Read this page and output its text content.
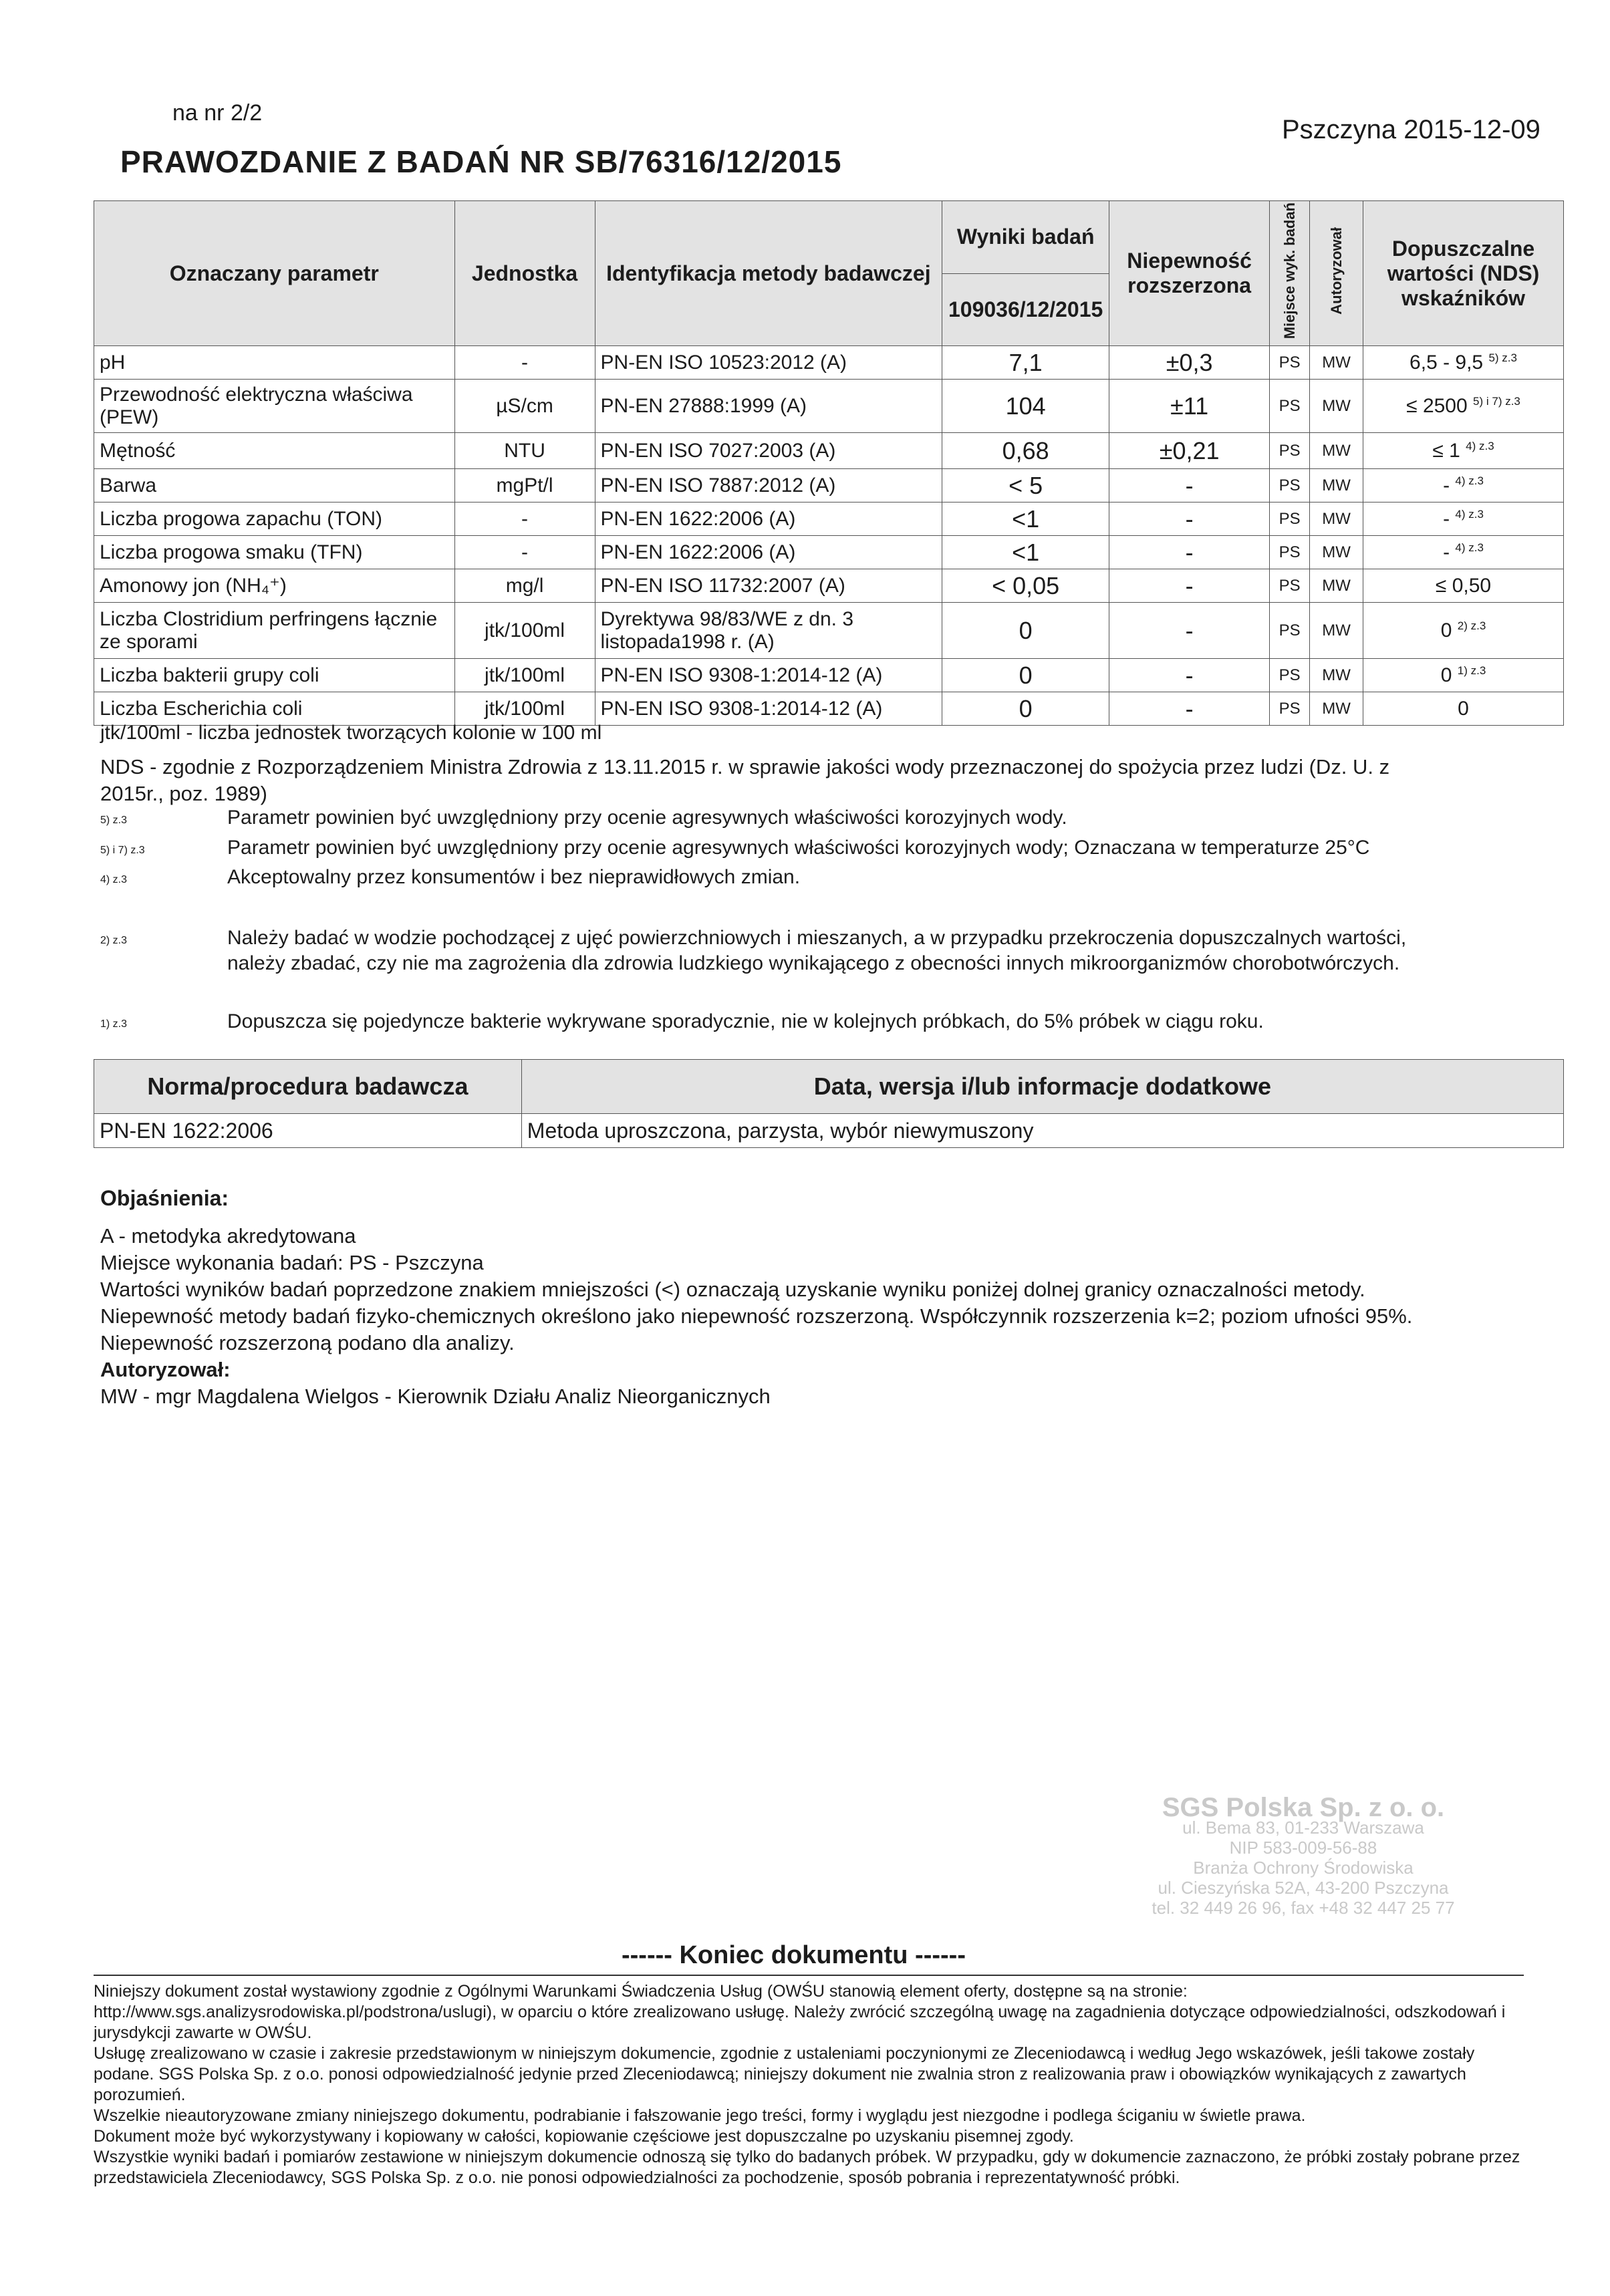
na nr 2/2
Pszczyna 2015-12-09
PRAWOZDANIE Z BADAŃ NR SB/76316/12/2015
Oznaczany parametr	Jednostka	Identyfikacja metody badawczej	Wyniki badań	Niepewność rozszerzona	Miejsce wyk. badań	Autoryzował	Dopuszczalne wartości (NDS) wskaźników
			109036/12/2015				
pH	-	PN-EN ISO 10523:2012 (A)	7,1	±0,3	PS	MW	6,5 - 9,5 $^{5) z.3}$
Przewodność elektryczna właściwa (PEW)	µS/cm	PN-EN 27888:1999 (A)	104	±11	PS	MW	≤ 2500 $^{5) i 7) z.3}$
Mętność	NTU	PN-EN ISO 7027:2003 (A)	0,68	±0,21	PS	MW	≤ 1 $^{4) z.3}$
Barwa	mgPt/l	PN-EN ISO 7887:2012 (A)	< 5	-	PS	MW	- $^{4) z.3}$
Liczba progowa zapachu (TON)	-	PN-EN 1622:2006 (A)	<1	-	PS	MW	- $^{4) z.3}$
Liczba progowa smaku (TFN)	-	PN-EN 1622:2006 (A)	<1	-	PS	MW	- $^{4) z.3}$
Amonowy jon (NH₄⁺)	mg/l	PN-EN ISO 11732:2007 (A)	< 0,05	-	PS	MW	≤ 0,50
Liczba Clostridium perfringens łącznie ze sporami	jtk/100ml	Dyrektywa 98/83/WE z dn. 3 listopada1998 r. (A)	0	-	PS	MW	0 $^{2) z.3}$
Liczba bakterii grupy coli	jtk/100ml	PN-EN ISO 9308-1:2014-12 (A)	0	-	PS	MW	0 $^{1) z.3}$
Liczba Escherichia coli	jtk/100ml	PN-EN ISO 9308-1:2014-12 (A)	0	-	PS	MW	0
jtk/100ml - liczba jednostek tworzących kolonie w 100 ml
NDS - zgodnie z Rozporządzeniem Ministra Zdrowia z 13.11.2015 r. w sprawie jakości wody przeznaczonej do spożycia przez ludzi (Dz. U. z 2015r., poz. 1989)
5) z.3	Parametr powinien być uwzględniony przy ocenie agresywnych właściwości korozyjnych wody.
5) i 7) z.3	Parametr powinien być uwzględniony przy ocenie agresywnych właściwości korozyjnych wody; Oznaczana w temperaturze 25°C
4) z.3	Akceptowalny przez konsumentów i bez nieprawidłowych zmian.
2) z.3	Należy badać w wodzie pochodzącej z ujęć powierzchniowych i mieszanych, a w przypadku przekroczenia dopuszczalnych wartości, należy zbadać, czy nie ma zagrożenia dla zdrowia ludzkiego wynikającego z obecności innych mikroorganizmów chorobotwórczych.
1) z.3	Dopuszcza się pojedyncze bakterie wykrywane sporadycznie, nie w kolejnych próbkach, do 5% próbek w ciągu roku.
Norma/procedura badawcza	Data, wersja i/lub informacje dodatkowe
PN-EN 1622:2006	Metoda uproszczona, parzysta, wybór niewymuszony
Objaśnienia:
A - metodyka akredytowana
Miejsce wykonania badań: PS - Pszczyna
Wartości wyników badań poprzedzone znakiem mniejszości (<) oznaczają uzyskanie wyniku poniżej dolnej granicy oznaczalności metody.
Niepewność metody badań fizyko-chemicznych określono jako niepewność rozszerzoną. Współczynnik rozszerzenia k=2; poziom ufności 95%.
Niepewność rozszerzoną podano dla analizy.
Autoryzował:
MW - mgr Magdalena Wielgos - Kierownik Działu Analiz Nieorganicznych
SGS Polska Sp. z o. o.
ul. Bema 83, 01-233 Warszawa
NIP 583-009-56-88
Branża Ochrony Środowiska
ul. Cieszyńska 52A, 43-200 Pszczyna
tel. 32 449 26 96, fax +48 32 447 25 77
------ Koniec dokumentu ------
Niniejszy dokument został wystawiony zgodnie z Ogólnymi Warunkami Świadczenia Usług (OWŚU stanowią element oferty, dostępne są na stronie: http://www.sgs.analizysrodowiska.pl/podstrona/uslugi), w oparciu o które zrealizowano usługę. Należy zwrócić szczególną uwagę na zagadnienia dotyczące odpowiedzialności, odszkodowań i jurysdykcji zawarte w OWŚU.
Usługę zrealizowano w czasie i zakresie przedstawionym w niniejszym dokumencie, zgodnie z ustaleniami poczynionymi ze Zleceniodawcą i według Jego wskazówek, jeśli takowe zostały podane. SGS Polska Sp. z o.o. ponosi odpowiedzialność jedynie przed Zleceniodawcą; niniejszy dokument nie zwalnia stron z realizowania praw i obowiązków wynikających z zawartych porozumień.
Wszelkie nieautoryzowane zmiany niniejszego dokumentu, podrabianie i fałszowanie jego treści, formy i wyglądu jest niezgodne i podlega ściganiu w świetle prawa.
Dokument może być wykorzystywany i kopiowany w całości, kopiowanie częściowe jest dopuszczalne po uzyskaniu pisemnej zgody.
Wszystkie wyniki badań i pomiarów zestawione w niniejszym dokumencie odnoszą się tylko do badanych próbek. W przypadku, gdy w dokumencie zaznaczono, że próbki zostały pobrane przez przedstawiciela Zleceniodawcy, SGS Polska Sp. z o.o. nie ponosi odpowiedzialności za pochodzenie, sposób pobrania i reprezentatywność próbki.
